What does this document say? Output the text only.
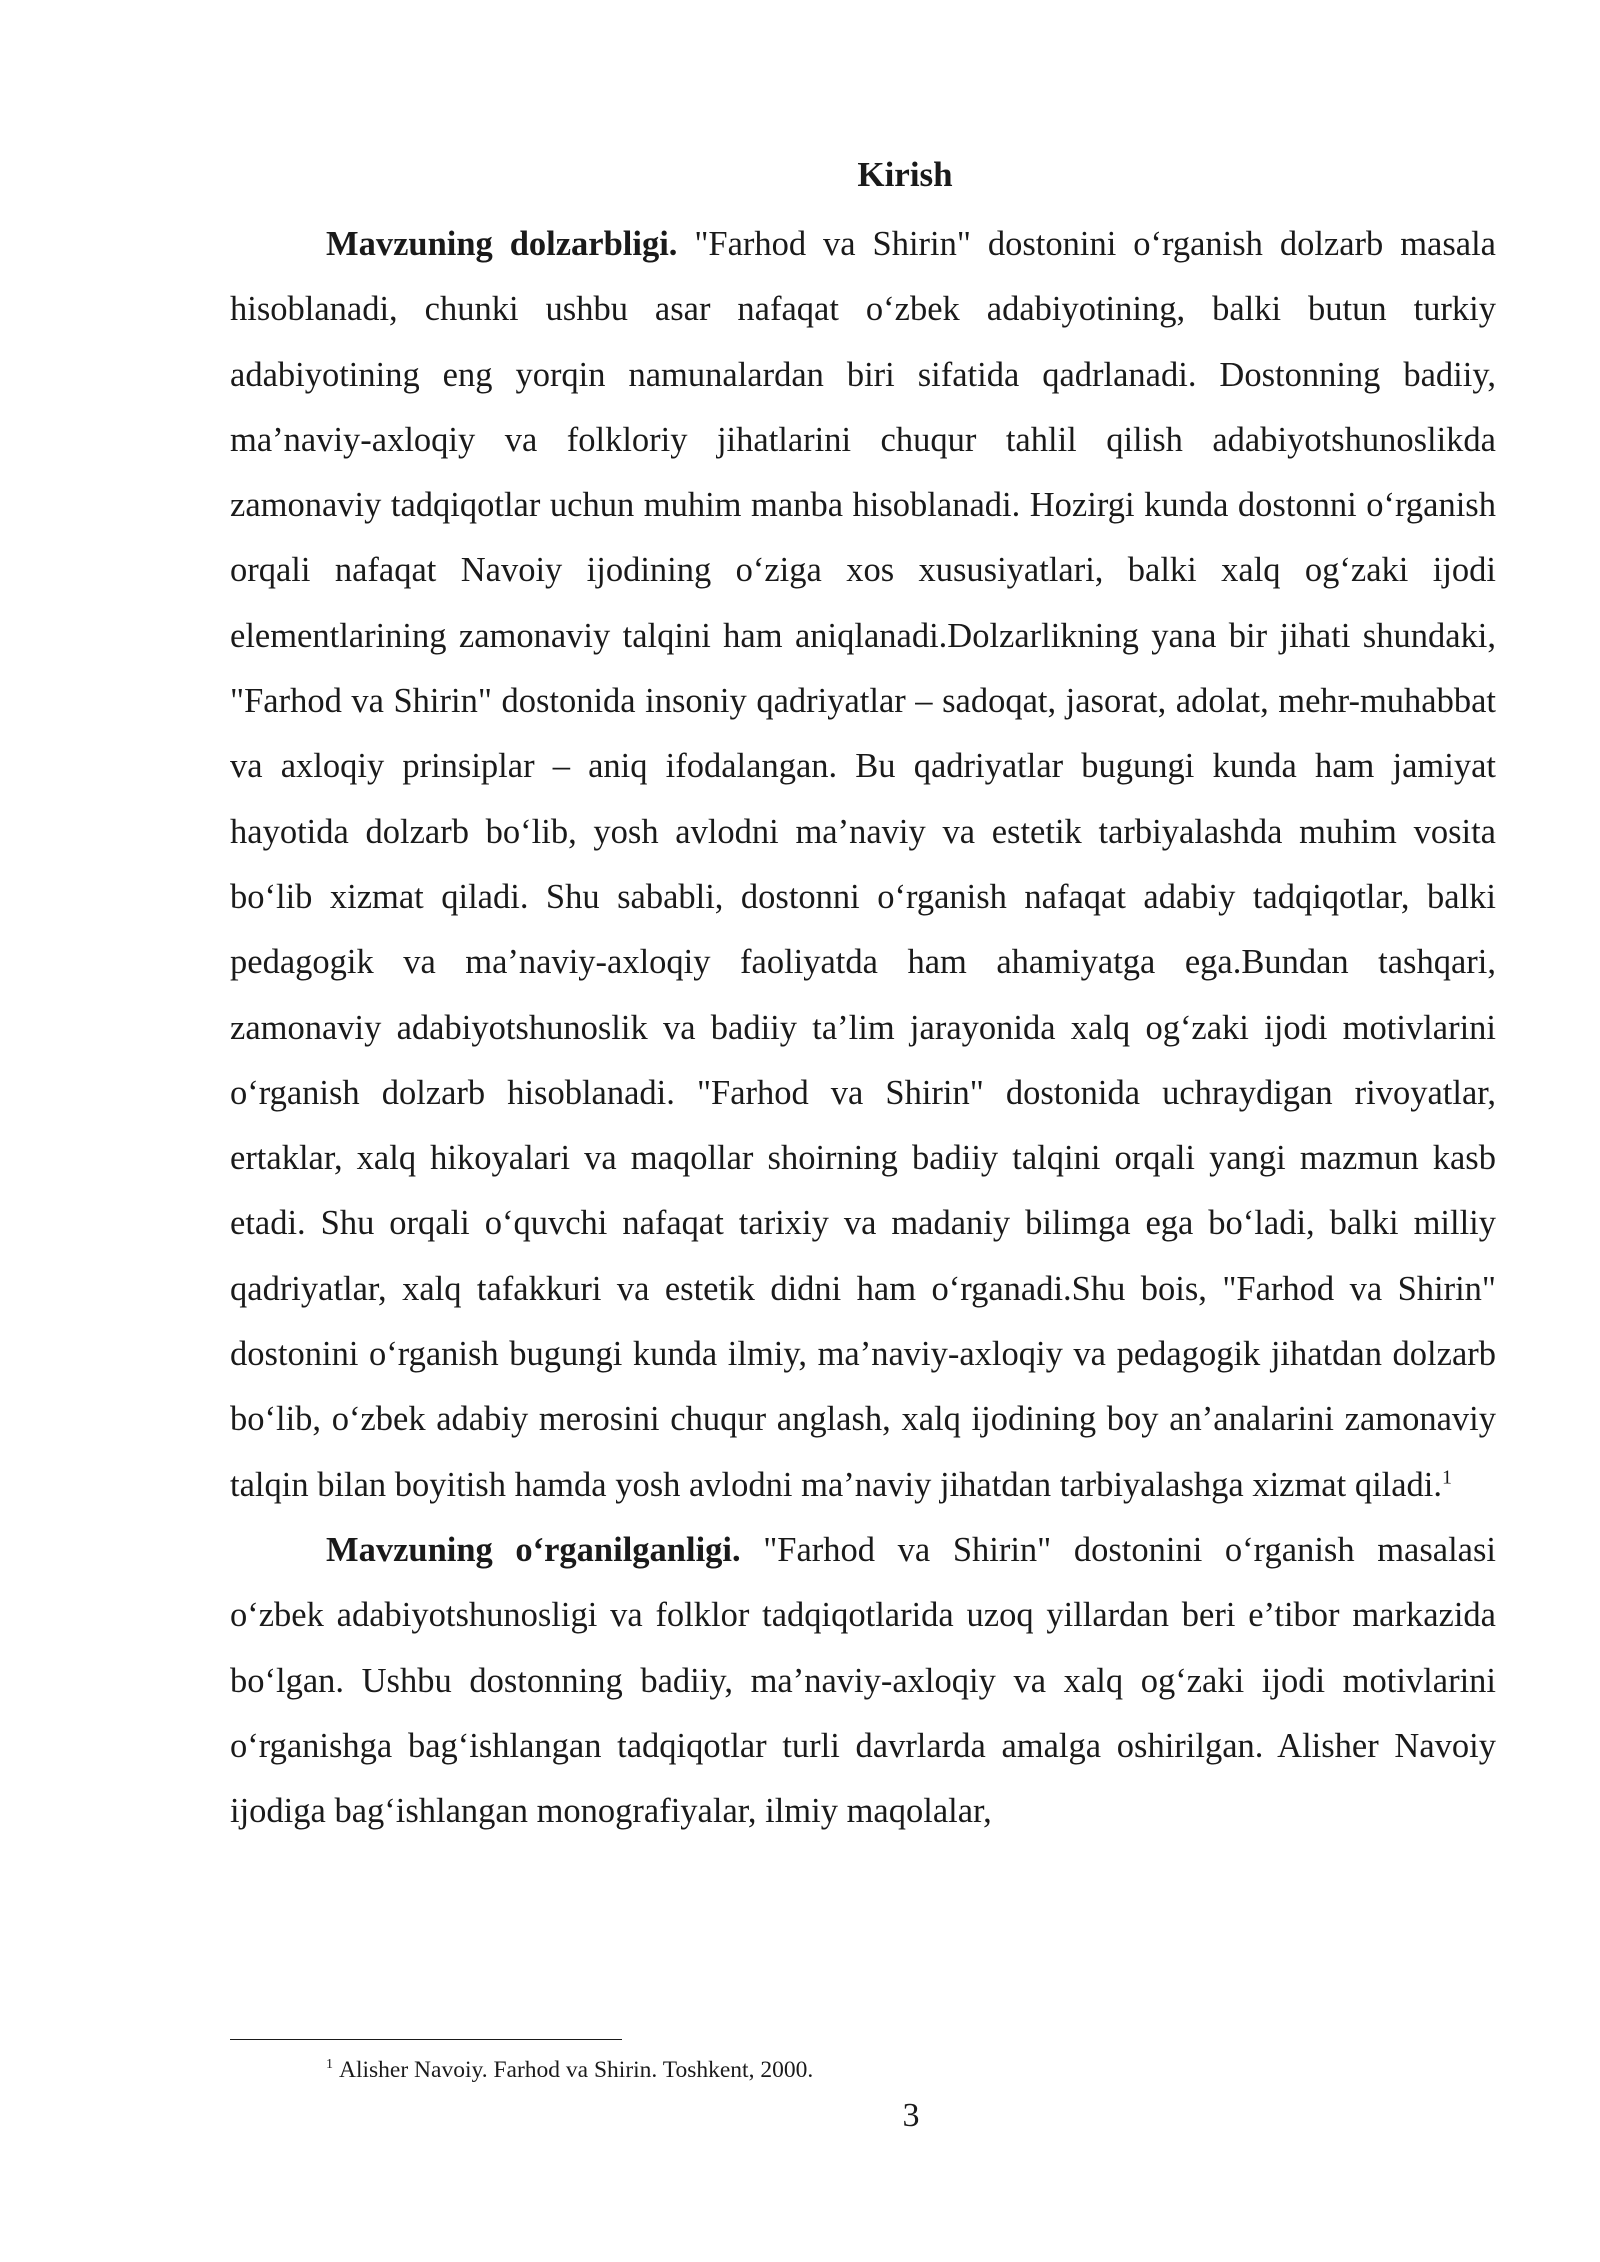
Kirish

Mavzuning dolzarbligi. "Farhod va Shirin" dostonini o‘rganish dolzarb masala hisoblanadi, chunki ushbu asar nafaqat o‘zbek adabiyotining, balki butun turkiy adabiyotining eng yorqin namunalardan biri sifatida qadrlanadi. Dostonning badiiy, ma’naviy-axloqiy va folkloriy jihatlarini chuqur tahlil qilish adabiyotshunoslikda zamonaviy tadqiqotlar uchun muhim manba hisoblanadi. Hozirgi kunda dostonni o‘rganish orqali nafaqat Navoiy ijodining o‘ziga xos xususiyatlari, balki xalq og‘zaki ijodi elementlarining zamonaviy talqini ham aniqlanadi.Dolzarlikning yana bir jihati shundaki, "Farhod va Shirin" dostonida insoniy qadriyatlar – sadoqat, jasorat, adolat, mehr-muhabbat va axloqiy prinsiplar – aniq ifodalangan. Bu qadriyatlar bugungi kunda ham jamiyat hayotida dolzarb bo‘lib, yosh avlodni ma’naviy va estetik tarbiyalashda muhim vosita bo‘lib xizmat qiladi. Shu sababli, dostonni o‘rganish nafaqat adabiy tadqiqotlar, balki pedagogik va ma’naviy-axloqiy faoliyatda ham ahamiyatga ega.Bundan tashqari, zamonaviy adabiyotshunoslik va badiiy ta’lim jarayonida xalq og‘zaki ijodi motivlarini o‘rganish dolzarb hisoblanadi. "Farhod va Shirin" dostonida uchraydigan rivoyatlar, ertaklar, xalq hikoyalari va maqollar shoirning badiiy talqini orqali yangi mazmun kasb etadi. Shu orqali o‘quvchi nafaqat tarixiy va madaniy bilimga ega bo‘ladi, balki milliy qadriyatlar, xalq tafakkuri va estetik didni ham o‘rganadi.Shu bois, "Farhod va Shirin" dostonini o‘rganish bugungi kunda ilmiy, ma’naviy-axloqiy va pedagogik jihatdan dolzarb bo‘lib, o‘zbek adabiy merosini chuqur anglash, xalq ijodining boy an’analarini zamonaviy talqin bilan boyitish hamda yosh avlodni ma’naviy jihatdan tarbiyalashga xizmat qiladi.$^1$

Mavzuning o‘rganilganligi. "Farhod va Shirin" dostonini o‘rganish masalasi o‘zbek adabiyotshunosligi va folklor tadqiqotlarida uzoq yillardan beri e’tibor markazida bo‘lgan. Ushbu dostonning badiiy, ma’naviy-axloqiy va xalq og‘zaki ijodi motivlarini o‘rganishga bag‘ishlangan tadqiqotlar turli davrlarda amalga oshirilgan. Alisher Navoiy ijodiga bag‘ishlangan monografiyalar, ilmiy maqolalar,

$^1$ Alisher Navoiy. Farhod va Shirin. Toshkent, 2000.

3
